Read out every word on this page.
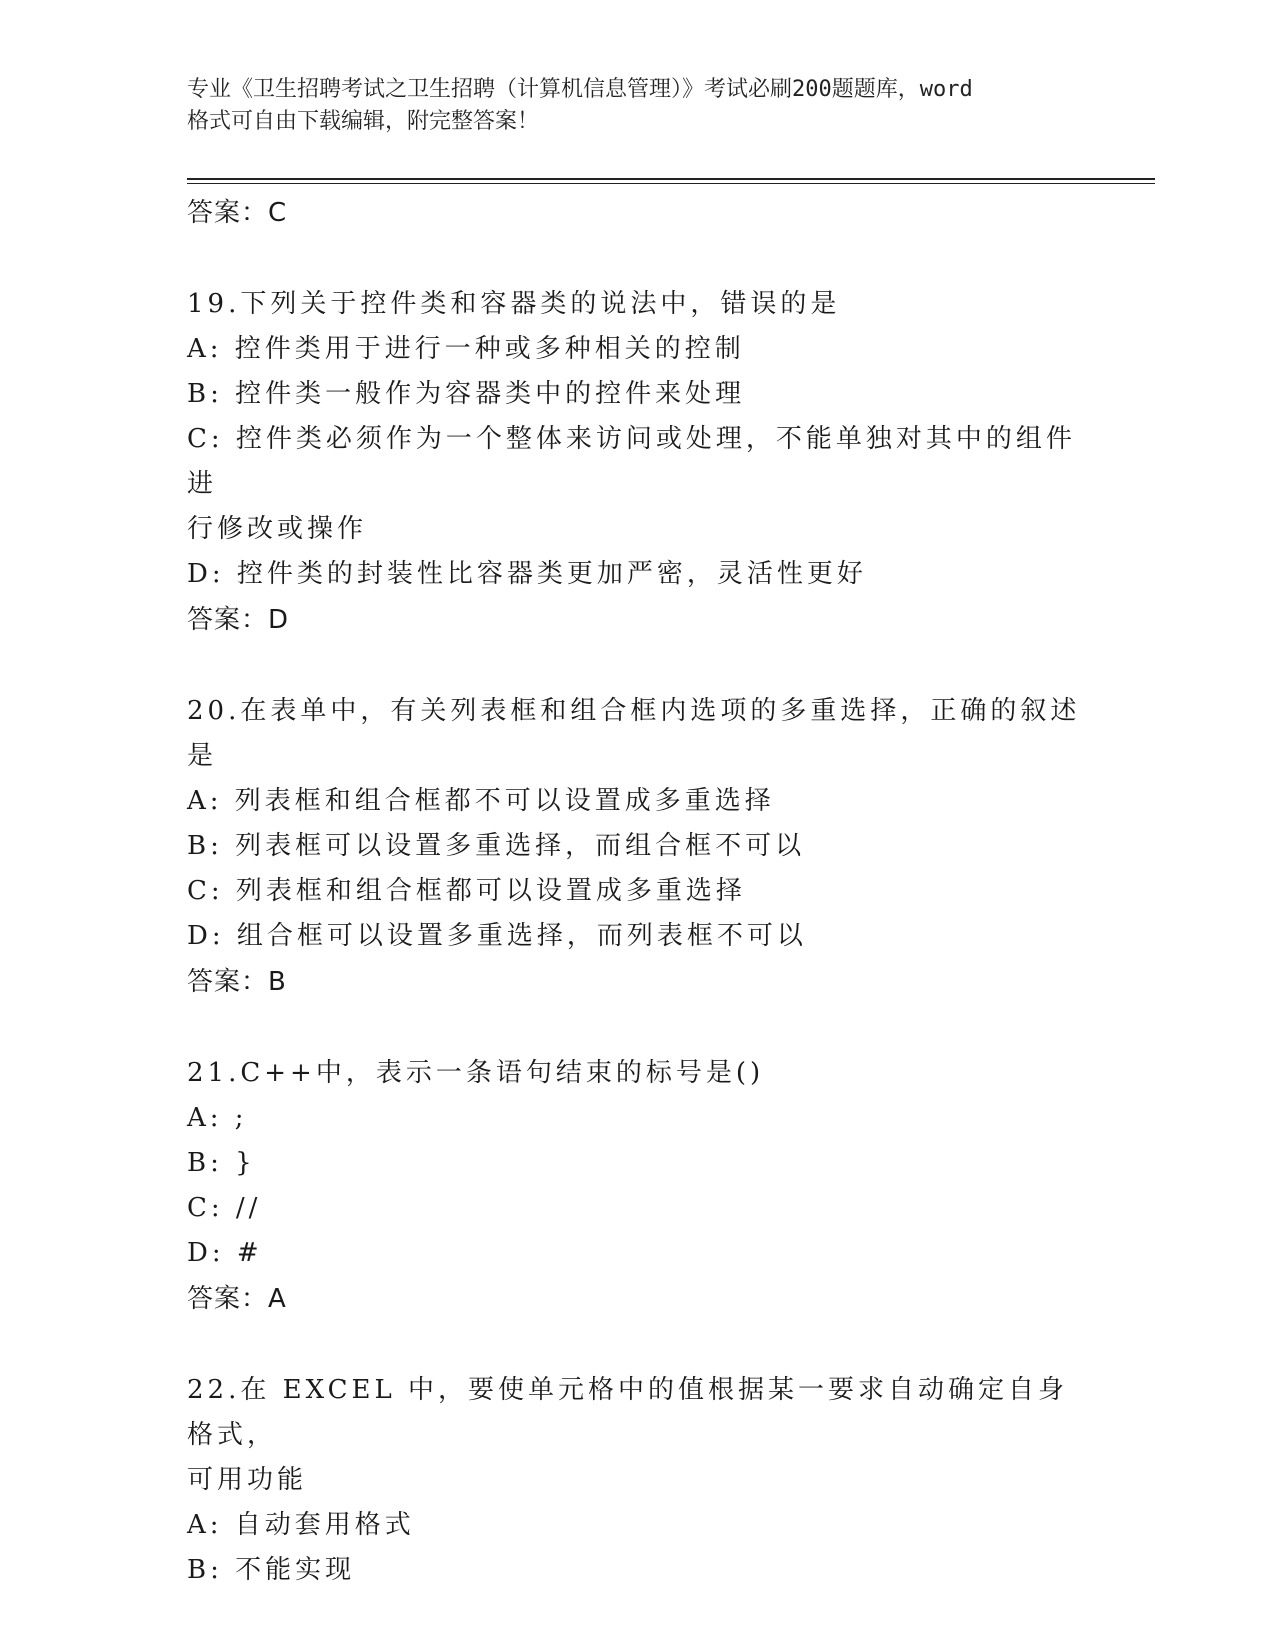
专业《卫生招聘考试之卫生招聘（计算机信息管理）》考试必刷200题题库，word
格式可自由下载编辑，附完整答案！
答案：C
19.下列关于控件类和容器类的说法中，错误的是
A: 控件类用于进行一种或多种相关的控制
B: 控件类一般作为容器类中的控件来处理
C: 控件类必须作为一个整体来访问或处理，不能单独对其中的组件进
行修改或操作
D: 控件类的封装性比容器类更加严密，灵活性更好
答案：D
20.在表单中，有关列表框和组合框内选项的多重选择，正确的叙述是
A: 列表框和组合框都不可以设置成多重选择
B: 列表框可以设置多重选择，而组合框不可以
C: 列表框和组合框都可以设置成多重选择
D: 组合框可以设置多重选择，而列表框不可以
答案：B
21.C++中，表示一条语句结束的标号是()
A: ;
B: }
C: //
D: #
答案：A
22.在 EXCEL 中，要使单元格中的值根据某一要求自动确定自身格式，
可用功能
A: 自动套用格式
B: 不能实现
